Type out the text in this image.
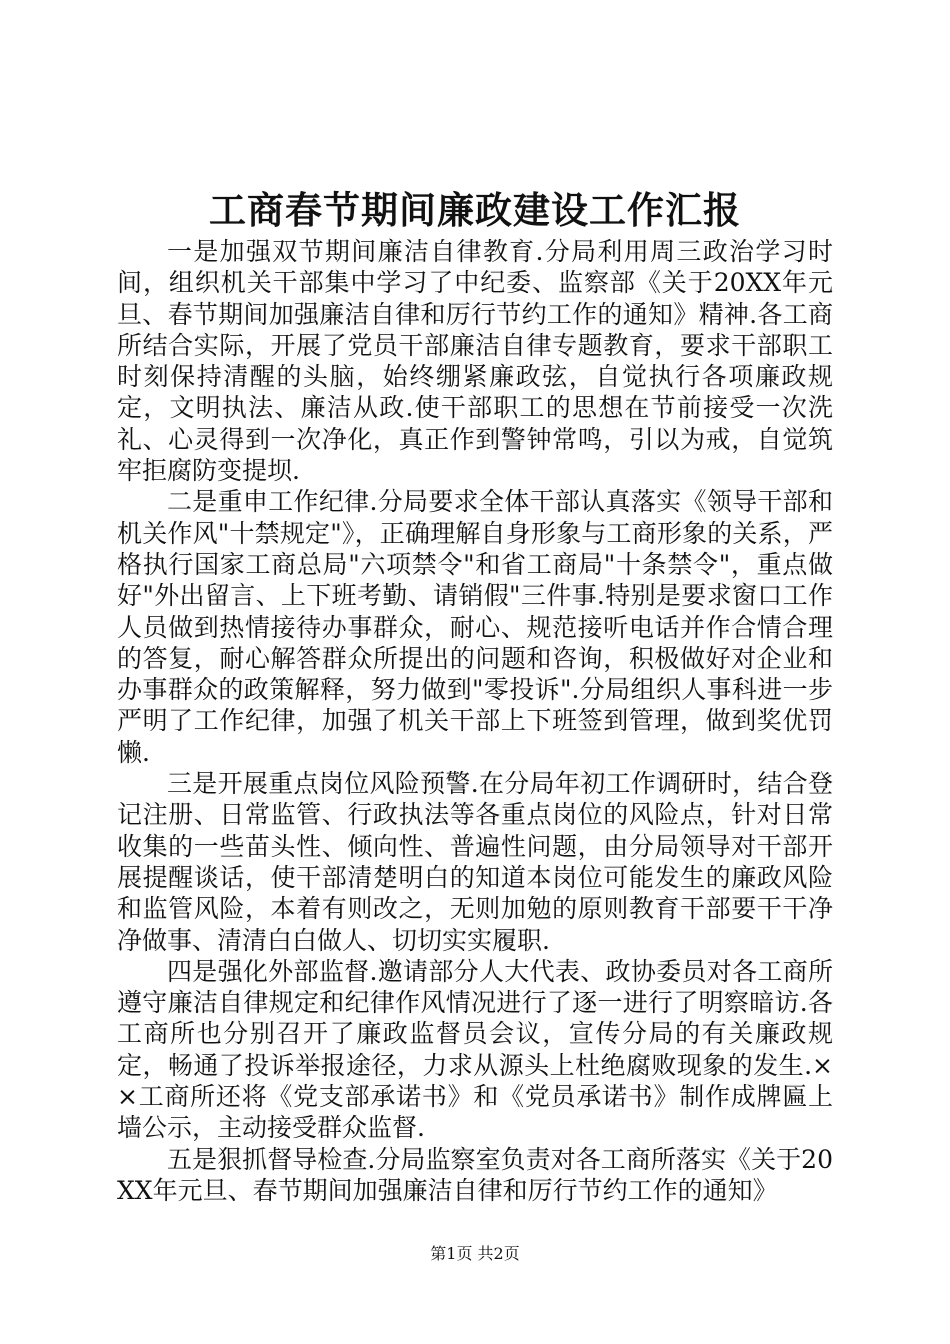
工商春节期间廉政建设工作汇报

一是加强双节期间廉洁自律教育.分局利用周三政治学习时间，组织机关干部集中学习了中纪委、监察部《关于20XX年元旦、春节期间加强廉洁自律和厉行节约工作的通知》精神.各工商所结合实际，开展了党员干部廉洁自律专题教育，要求干部职工时刻保持清醒的头脑，始终绷紧廉政弦，自觉执行各项廉政规定，文明执法、廉洁从政.使干部职工的思想在节前接受一次洗礼、心灵得到一次净化，真正作到警钟常鸣，引以为戒，自觉筑牢拒腐防变提坝.

二是重申工作纪律.分局要求全体干部认真落实《领导干部和机关作风"十禁规定"》，正确理解自身形象与工商形象的关系，严格执行国家工商总局"六项禁令"和省工商局"十条禁令"，重点做好"外出留言、上下班考勤、请销假"三件事.特别是要求窗口工作人员做到热情接待办事群众，耐心、规范接听电话并作合情合理的答复，耐心解答群众所提出的问题和咨询，积极做好对企业和办事群众的政策解释，努力做到"零投诉".分局组织人事科进一步严明了工作纪律，加强了机关干部上下班签到管理，做到奖优罚懒.

三是开展重点岗位风险预警.在分局年初工作调研时，结合登记注册、日常监管、行政执法等各重点岗位的风险点，针对日常收集的一些苗头性、倾向性、普遍性问题，由分局领导对干部开展提醒谈话，使干部清楚明白的知道本岗位可能发生的廉政风险和监管风险，本着有则改之，无则加勉的原则教育干部要干干净净做事、清清白白做人、切切实实履职.

四是强化外部监督.邀请部分人大代表、政协委员对各工商所遵守廉洁自律规定和纪律作风情况进行了逐一进行了明察暗访.各工商所也分别召开了廉政监督员会议，宣传分局的有关廉政规定，畅通了投诉举报途径，力求从源头上杜绝腐败现象的发生.××工商所还将《党支部承诺书》和《党员承诺书》制作成牌匾上墙公示，主动接受群众监督.

五是狠抓督导检查.分局监察室负责对各工商所落实《关于20XX年元旦、春节期间加强廉洁自律和厉行节约工作的通知》

第1页 共2页
